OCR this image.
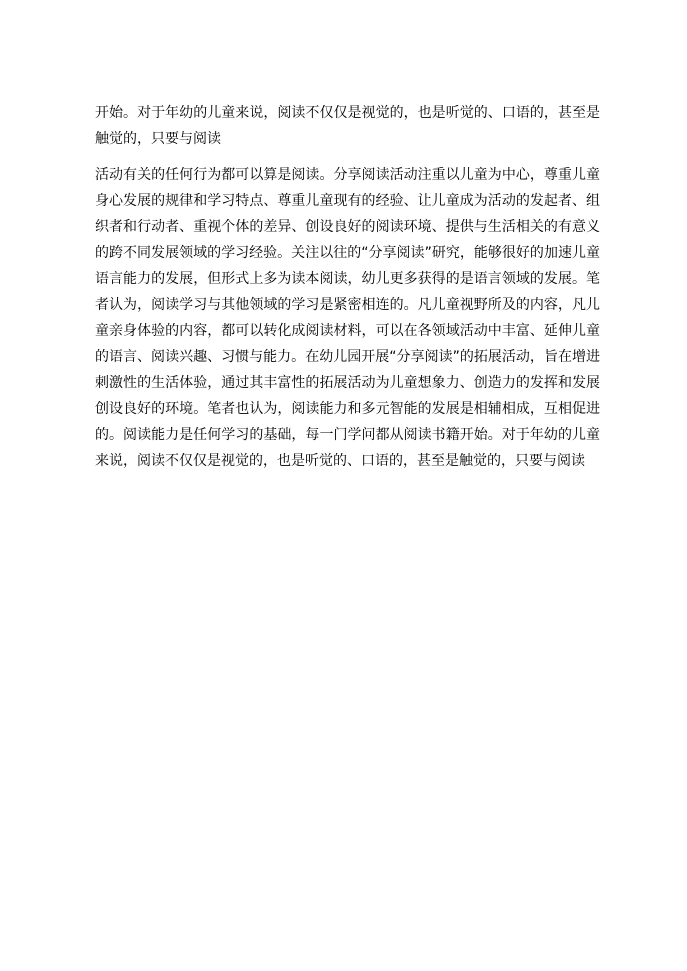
开始。对于年幼的儿童来说，阅读不仅仅是视觉的，也是听觉的、口语的，甚至是触觉的，只要与阅读

活动有关的任何行为都可以算是阅读。分享阅读活动注重以儿童为中心，尊重儿童身心发展的规律和学习特点、尊重儿童现有的经验、让儿童成为活动的发起者、组织者和行动者、重视个体的差异、创设良好的阅读环境、提供与生活相关的有意义的跨不同发展领域的学习经验。关注以往的“分享阅读”研究，能够很好的加速儿童语言能力的发展，但形式上多为读本阅读，幼儿更多获得的是语言领域的发展。笔者认为，阅读学习与其他领域的学习是紧密相连的。凡儿童视野所及的内容，凡儿童亲身体验的内容，都可以转化成阅读材料，可以在各领域活动中丰富、延伸儿童的语言、阅读兴趣、习惯与能力。在幼儿园开展“分享阅读”的拓展活动，旨在增进刺激性的生活体验，通过其丰富性的拓展活动为儿童想象力、创造力的发挥和发展创设良好的环境。笔者也认为，阅读能力和多元智能的发展是相辅相成，互相促进的。阅读能力是任何学习的基础，每一门学问都从阅读书籍开始。对于年幼的儿童来说，阅读不仅仅是视觉的，也是听觉的、口语的，甚至是触觉的，只要与阅读
